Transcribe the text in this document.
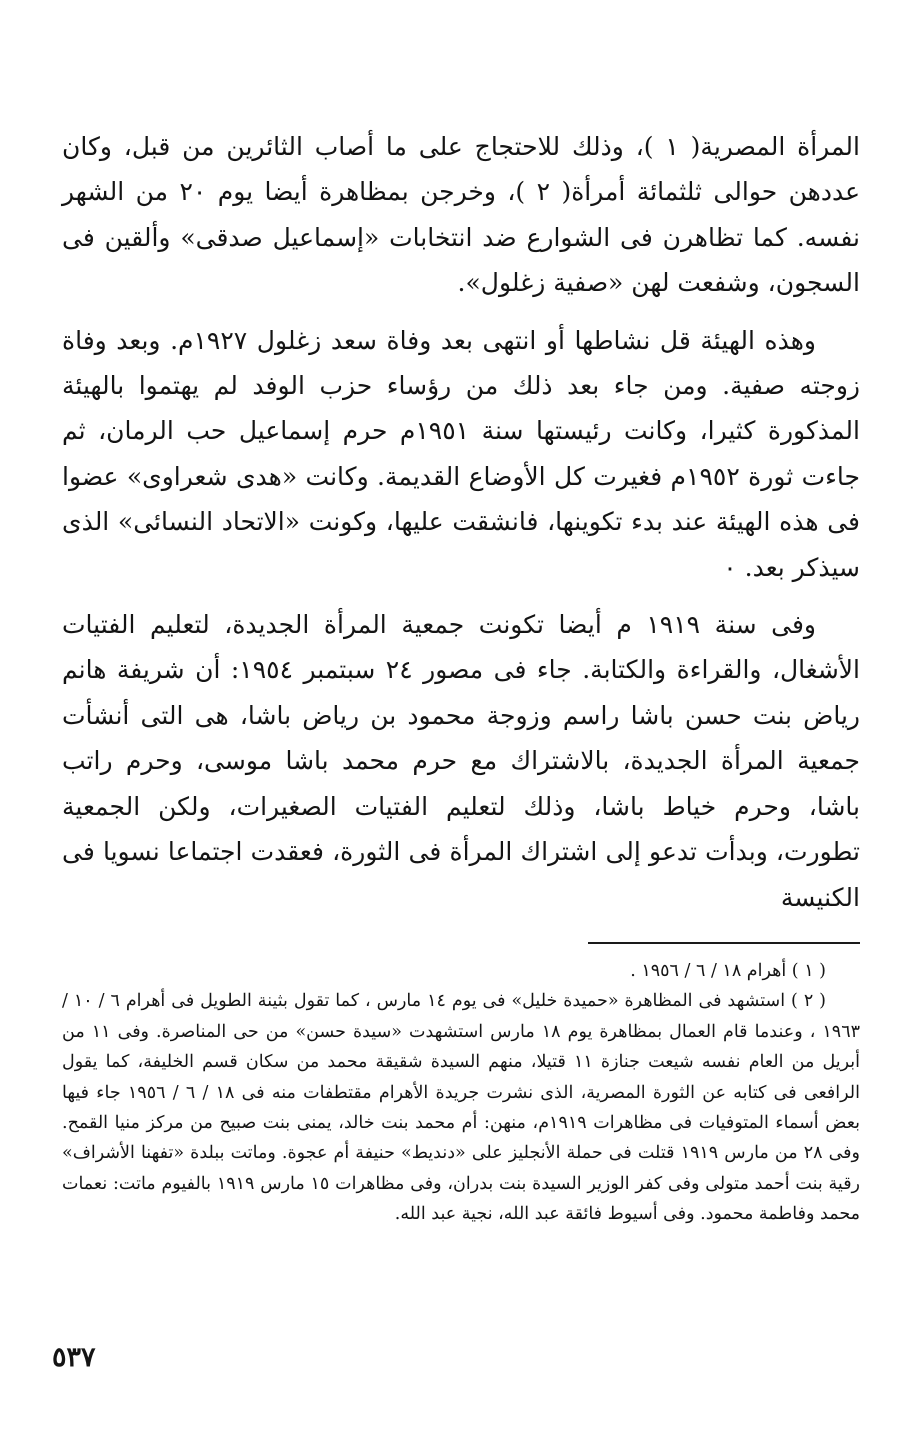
المرأة المصرية( ١ )، وذلك للاحتجاج على ما أصاب الثائرين من قبل، وكان عددهن حوالى ثلثمائة أمرأة( ٢ )، وخرجن بمظاهرة أيضا يوم ٢٠ من الشهر نفسه. كما تظاهرن فى الشوارع ضد انتخابات «إسماعيل صدقى» وألقين فى السجون، وشفعت لهن «صفية زغلول».

وهذه الهيئة قل نشاطها أو انتهى بعد وفاة سعد زغلول ١٩٢٧م. وبعد وفاة زوجته صفية. ومن جاء بعد ذلك من رؤساء حزب الوفد لم يهتموا بالهيئة المذكورة كثيرا، وكانت رئيستها سنة ١٩٥١م حرم إسماعيل حب الرمان، ثم جاءت ثورة ١٩٥٢م فغيرت كل الأوضاع القديمة. وكانت «هدى شعراوى» عضوا فى هذه الهيئة عند بدء تكوينها، فانشقت عليها، وكونت «الاتحاد النسائى» الذى سيذكر بعد. ٠

وفى سنة ١٩١٩ م أيضا تكونت جمعية المرأة الجديدة، لتعليم الفتيات الأشغال، والقراءة والكتابة. جاء فى مصور ٢٤ سبتمبر ١٩٥٤: أن شريفة هانم رياض بنت حسن باشا راسم وزوجة محمود بن رياض باشا، هى التى أنشأت جمعية المرأة الجديدة، بالاشتراك مع حرم محمد باشا موسى، وحرم راتب باشا، وحرم خياط باشا، وذلك لتعليم الفتيات الصغيرات، ولكن الجمعية تطورت، وبدأت تدعو إلى اشتراك المرأة فى الثورة، فعقدت اجتماعا نسويا فى الكنيسة

( ١ ) أهرام ١٨ / ٦ / ١٩٥٦ .

( ٢ ) استشهد فى المظاهرة «حميدة خليل» فى يوم ١٤ مارس ، كما تقول بثينة الطويل فى أهرام ٦ / ١٠ / ١٩٦٣ ، وعندما قام العمال بمظاهرة يوم ١٨ مارس استشهدت «سيدة حسن» من حى المناصرة. وفى ١١ من أبريل من العام نفسه شيعت جنازة ١١ قتيلا، منهم السيدة شقيقة محمد من سكان قسم الخليفة، كما يقول الرافعى فى كتابه عن الثورة المصرية، الذى نشرت جريدة الأهرام مقتطفات منه فى ١٨ / ٦ / ١٩٥٦ جاء فيها بعض أسماء المتوفيات فى مظاهرات ١٩١٩م، منهن: أم محمد بنت خالد، يمنى بنت صبيح من مركز منيا القمح. وفى ٢٨ من مارس ١٩١٩ قتلت فى حملة الأنجليز على «دنديط» حنيفة أم عجوة. وماتت ببلدة «تفهنا الأشراف» رقية بنت أحمد متولى وفى كفر الوزير السيدة بنت بدران، وفى مظاهرات ١٥ مارس ١٩١٩ بالفيوم ماتت: نعمات محمد وفاطمة محمود. وفى أسيوط فائقة عبد الله، نجية عبد الله.

٥٣٧
